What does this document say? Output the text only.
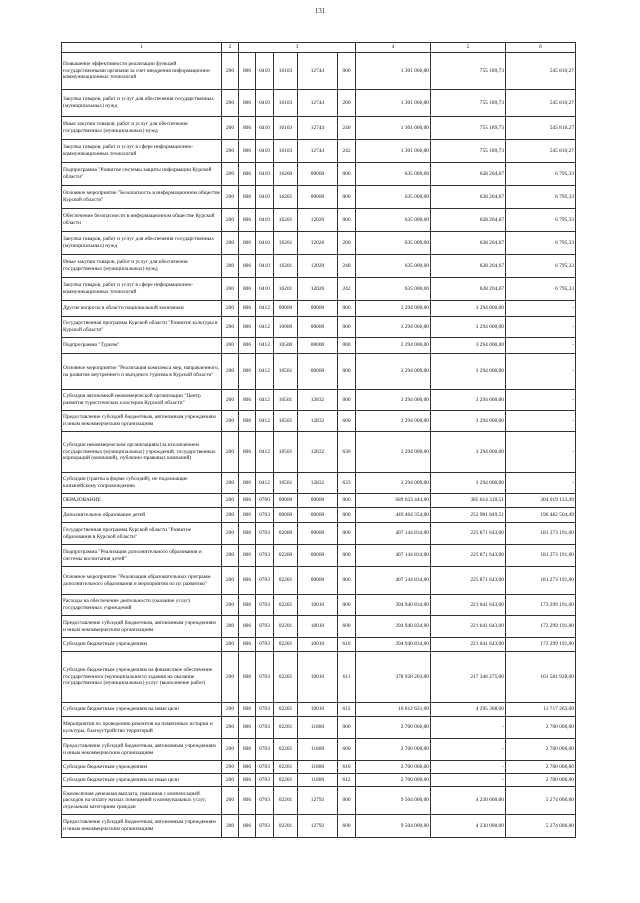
131
1	2	3					4	5	6
Повышение эффективности реализации функций государственными органами за счет внедрения информационно-коммуникационных технологий	200	806	0410	16103	12744	000	1 301 000,00	755 189,73	545 810,27
Закупка товаров, работ и услуг для обеспечения государственных (муниципальных) нужд	200	806	0410	16103	12744	200	1 301 000,00	755 189,73	545 810,27
Иные закупки товаров, работ и услуг для обеспечения государственных (муниципальных) нужд	200	806	0410	16103	12744	240	1 301 000,00	755 189,73	545 810,27
Закупка товаров, работ и услуг в сфере информационно-коммуникационных технологий	200	806	0410	16103	12744	242	1 301 000,00	755 189,73	545 810,27
Подпрограмма "Развитие системы защиты информации Курской области"	200	806	0410	16200	00000	000	635 000,00	628 204,67	6 795,33
Основное мероприятие "Безопасность в информационном обществе Курской области"	200	806	0410	16201	00000	000	635 000,00	628 204,67	6 795,33
Обеспечение безопасности в информационном обществе Курской области	200	806	0410	16201	12020	000	635 000,00	628 204,67	6 795,33
Закупка товаров, работ и услуг для обеспечения государственных (муниципальных) нужд	200	806	0410	16201	12020	200	635 000,00	628 204,67	6 795,33
Иные закупки товаров, работ и услуг для обеспечения государственных (муниципальных) нужд	200	806	0410	16201	12020	240	635 000,00	628 204,67	6 795,33
Закупка товаров, работ и услуг в сфере информационно-коммуникационных технологий	200	806	0410	16201	12020	242	635 000,00	628 204,67	6 795,33
Другие вопросы в области национальной экономики	200	806	0412	00000	00000	000	3 294 000,00	3 294 000,00	-
Государственная программа Курской области "Развитие культуры в Курской области"	200	806	0412	10000	00000	000	3 294 000,00	3 294 000,00	-
Подпрограмма "Туризм"	200	806	0412	10500	00000	000	3 294 000,00	3 294 000,00	-
Основное мероприятие "Реализация комплекса мер, направленного, на развитие внутреннего и въездного туризма в Курской области"	200	806	0412	10501	00000	000	3 294 000,00	3 294 000,00	-
Субсидия автономной некоммерческой организации "Центр развития туристических кластеров Курской области"	200	806	0412	10501	12832	000	3 294 000,00	3 294 000,00	-
Предоставление субсидий бюджетным, автономным учреждениям и иным некоммерческим организациям	200	806	0412	10501	12832	600	3 294 000,00	3 294 000,00	-
Субсидии некоммерческим организациям (за исключением государственных (муниципальных) учреждений, государственных корпораций (компаний), публично-правовых компаний)	200	806	0412	10501	12832	630	3 294 000,00	3 294 000,00	-
Субсидии (гранты в форме субсидий), не подлежащие казначейскому сопровождению	200	806	0412	10501	12832	633	3 294 000,00	3 294 000,00	-
ОБРАЗОВАНИЕ	200	806	0700	00000	00000	000	689 633 444,00	385 614 310,51	304 019 133,49
Дополнительное образование детей	200	806	0703	00000	00000	000	449 464 354,00	252 981 849,51	196 482 504,49
Государственная программа Курской области "Развитие образования в Курской области"	200	806	0703	02000	00000	000	407 144 834,00	225 871 643,00	181 273 191,00
Подпрограмма "Реализация дополнительного образования и системы воспитания детей"	200	806	0703	02200	00000	000	407 144 834,00	225 871 643,00	181 273 191,00
Основное мероприятие "Реализация образовательных программ дополнительного образования и мероприятия по их развитию"	200	806	0703	02201	00000	000	407 144 834,00	225 871 643,00	181 273 191,00
Расходы на обеспечение деятельности (оказание услуг) государственных учреждений	200	806	0703	02201	10010	000	394 940 834,00	221 641 643,00	173 299 191,00
Предоставление субсидий бюджетным, автономным учреждениям и иным некоммерческим организациям	200	806	0703	02201	10010	600	394 940 834,00	221 641 643,00	173 299 191,00
Субсидии бюджетным учреждениям	200	806	0703	02201	10010	610	394 940 834,00	221 641 643,00	173 299 191,00
Субсидии бюджетным учреждениям на финансовое обеспечение государственного (муниципального) задания на оказание государственных (муниципальных) услуг (выполнение работ)	200	806	0703	02201	10010	611	378 928 203,00	217 346 275,00	161 581 928,00
Субсидии бюджетным учреждениям на иные цели	200	806	0703	02201	10010	612	16 012 631,00	4 295 368,00	11 717 263,00
Мероприятия по проведению ремонтов на памятниках истории и культуры, благоустройство территорий	200	806	0703	02201	11800	000	2 700 000,00	-	2 700 000,00
Предоставление субсидий бюджетным, автономным учреждениям и иным некоммерческим организациям	200	806	0703	02201	11800	600	2 700 000,00	-	2 700 000,00
Субсидии бюджетным учреждениям	200	806	0703	02201	11800	610	2 700 000,00	-	2 700 000,00
Субсидии бюджетным учреждениям на иные цели	200	806	0703	02201	11800	612	2 700 000,00	-	2 700 000,00
Ежемесячная денежная выплата, связанная с компенсацией расходов на оплату жилых помещений и коммунальных услуг, отдельным категориям граждан	200	806	0703	02201	12792	000	9 504 000,00	4 230 000,00	5 274 000,00
Предоставление субсидий бюджетным, автономным учреждениям и иным некоммерческим организациям	200	806	0703	02201	12792	600	9 504 000,00	4 230 000,00	5 274 000,00
